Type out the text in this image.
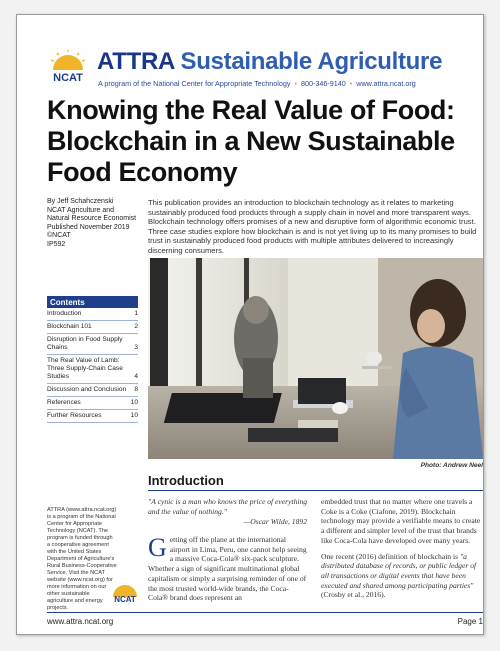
NCAT
ATTRA Sustainable Agriculture
A program of the National Center for Appropriate Technology • 800-346-9140 • www.attra.ncat.org
Knowing the Real Value of Food: Blockchain in a New Sustainable Food Economy
By Jeff Schahczenski
NCAT Agriculture and Natural Resource Economist
Published November 2019
©NCAT
IP592

This publication provides an introduction to blockchain technology as it relates to marketing sustainably produced food products through a supply chain in novel and more transparent ways. Blockchain technology offers promises of a new and disruptive form of algorithmic economic trust. Three case studies explore how blockchain is and is not yet living up to its many promises to build trust in sustainably produced food products with multiple attributes delivered to increasingly discerning consumers.

Contents
Introduction	1
Blockchain 101	2
Disruption in Food Supply Chains	3
The Real Value of Lamb: Three Supply-Chain Case Studies	4
Discussion and Conclusion	8
References	10
Further Resources	10
Photo: Andrew Neel
Introduction
"A cynic is a man who knows the price of everything and the value of nothing."
—Oscar Wilde, 1892
G etting off the plane at the international airport in Lima, Peru, one cannot help seeing a massive Coca-Cola® six-pack sculpture. Whether a sign of significant multinational global capitalism or simply a surprising reminder of one of the most trusted world-wide brands, the Coca-Cola® brand does represent an

embedded trust that no matter where one travels a Coke is a Coke (Ciafone, 2019). Blockchain technology may provide a verifiable means to create a different and simpler level of the trust that brands like Coca-Cola have developed over many years.

One recent (2016) definition of blockchain is "a distributed database of records, or public ledger of all transactions or digital events that have been executed and shared among participating parties" (Crosby et al., 2016).

ATTRA (www.attra.ncat.org) is a program of the National Center for Appropriate Technology (NCAT). The program is funded through a cooperative agreement with the United States Department of Agriculture's Rural Business-Cooperative Service. Visit the NCAT website (www.ncat.org) for more information on our other sustainable agriculture and energy projects.
NCAT
www.attra.ncat.org	Page 1
